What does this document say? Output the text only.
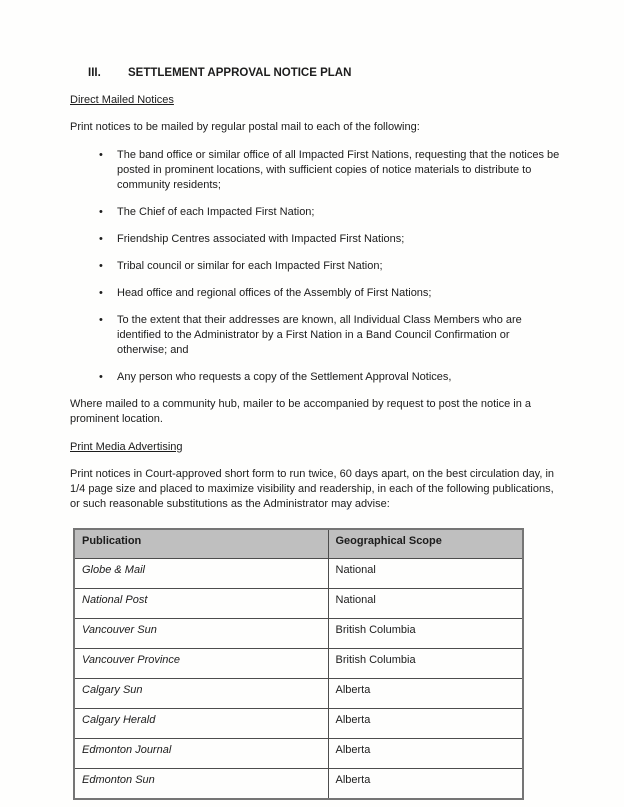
III.	SETTLEMENT APPROVAL NOTICE PLAN

Direct Mailed Notices

Print notices to be mailed by regular postal mail to each of the following:

• The band office or similar office of all Impacted First Nations, requesting that the notices be posted in prominent locations, with sufficient copies of notice materials to distribute to community residents;
• The Chief of each Impacted First Nation;
• Friendship Centres associated with Impacted First Nations;
• Tribal council or similar for each Impacted First Nation;
• Head office and regional offices of the Assembly of First Nations;
• To the extent that their addresses are known, all Individual Class Members who are identified to the Administrator by a First Nation in a Band Council Confirmation or otherwise; and
• Any person who requests a copy of the Settlement Approval Notices,

Where mailed to a community hub, mailer to be accompanied by request to post the notice in a prominent location.

Print Media Advertising

Print notices in Court-approved short form to run twice, 60 days apart, on the best circulation day, in 1/4 page size and placed to maximize visibility and readership, in each of the following publications, or such reasonable substitutions as the Administrator may advise:

Publication	Geographical Scope
Globe & Mail	National
National Post	National
Vancouver Sun	British Columbia
Vancouver Province	British Columbia
Calgary Sun	Alberta
Calgary Herald	Alberta
Edmonton Journal	Alberta
Edmonton Sun	Alberta
